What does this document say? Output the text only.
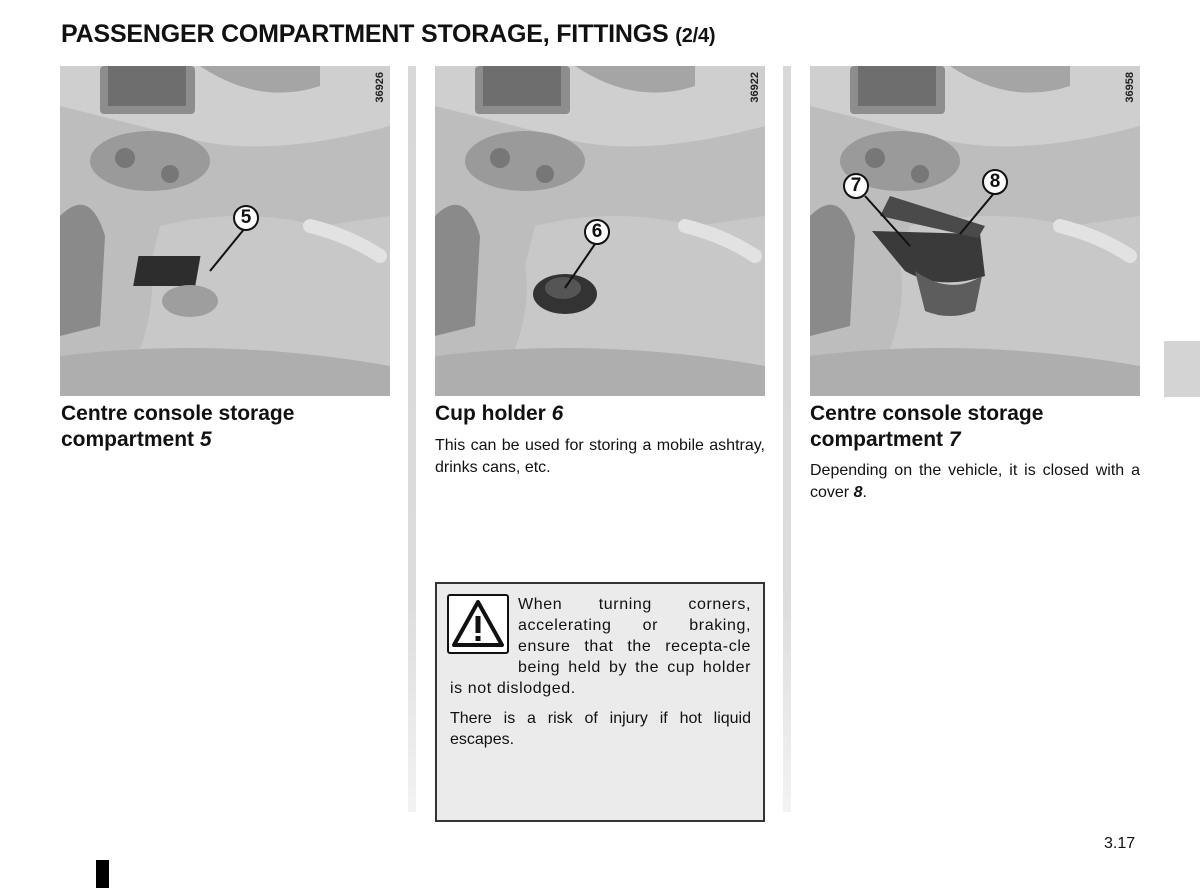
PASSENGER COMPARTMENT STORAGE, FITTINGS (2/4)
36926
5
36922
6
36958
7	8
Centre console storage compartment 5
Cup holder 6
This can be used for storing a mobile ashtray, drinks cans, etc.
Centre console storage compartment 7
Depending on the vehicle, it is closed with a cover 8.
When turning corners, accelerating or braking, ensure that the recepta-cle being held by the cup holder is not dislodged.
There is a risk of injury if hot liquid escapes.
3.17
